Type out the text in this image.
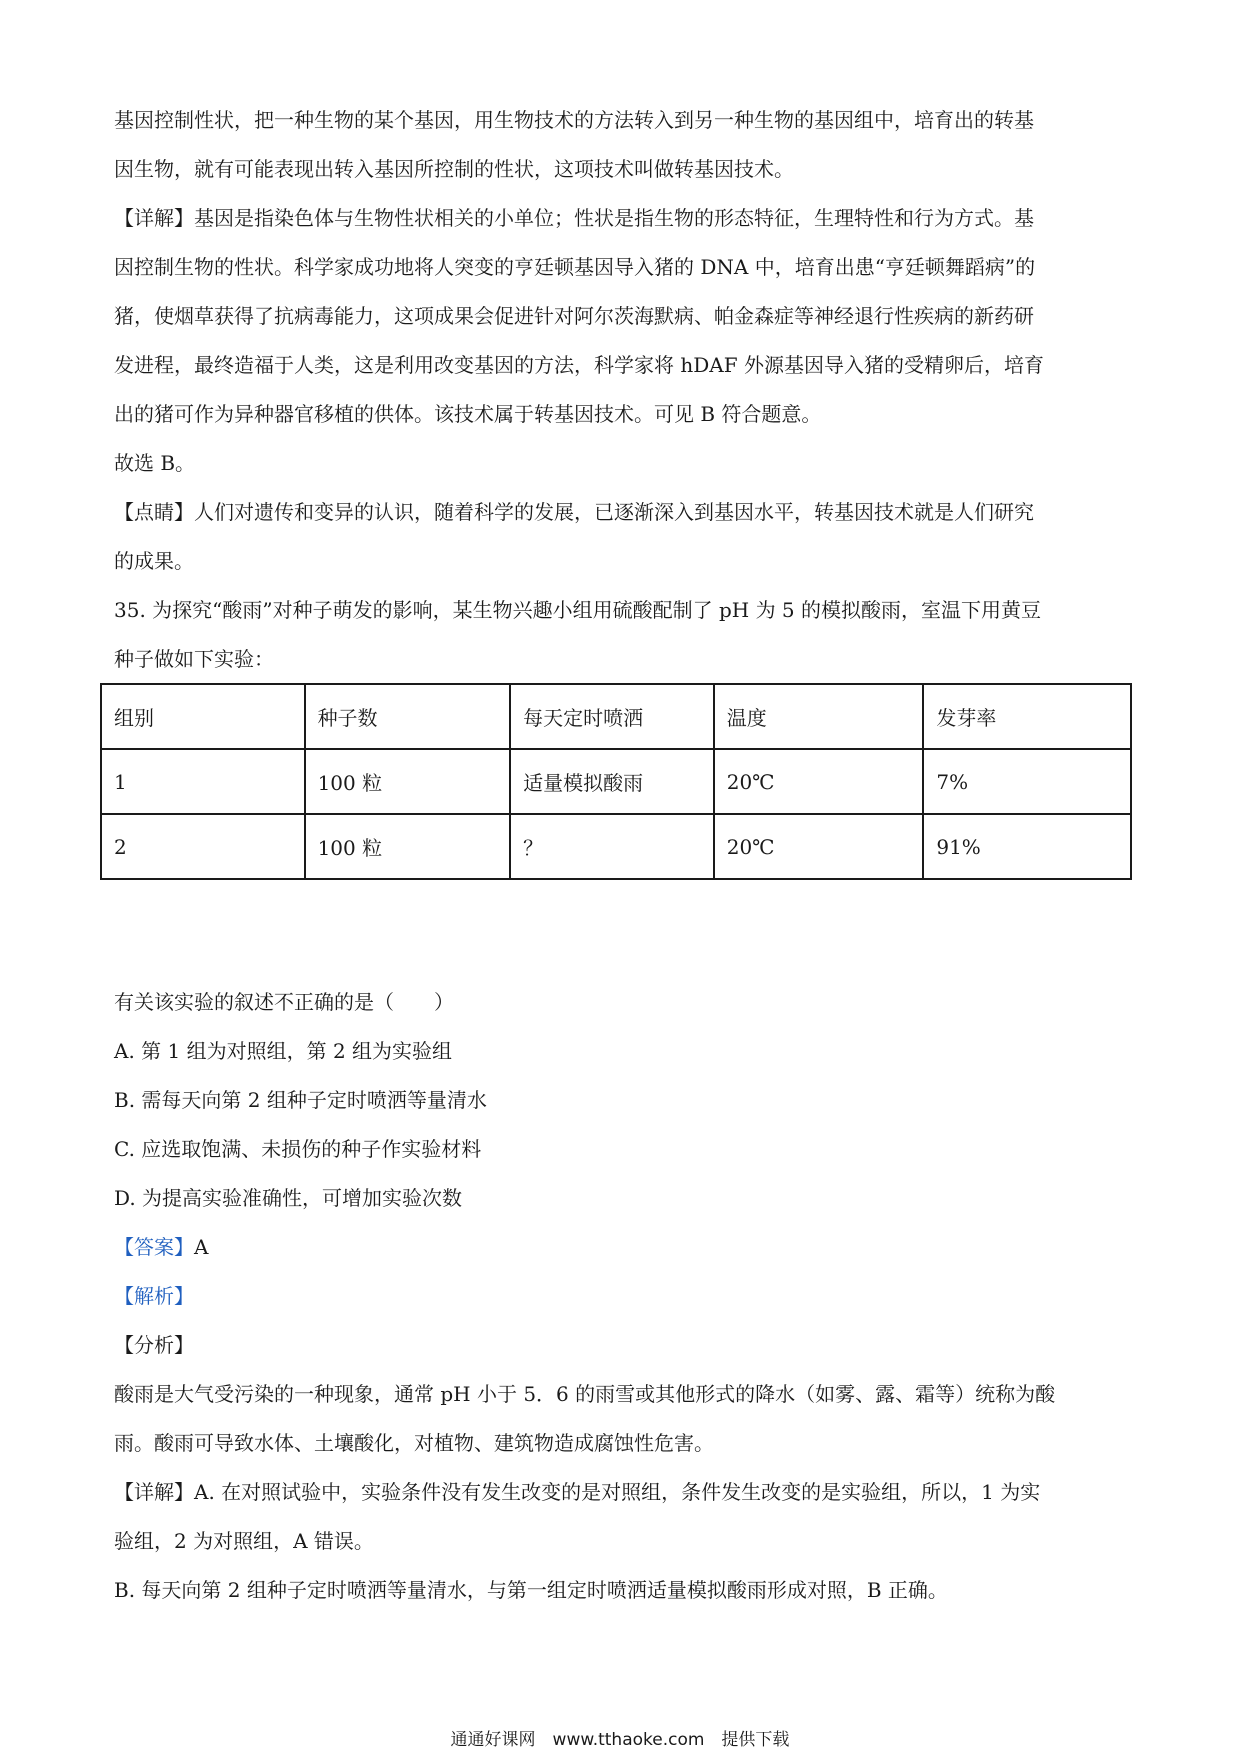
基因控制性状，把一种生物的某个基因，用生物技术的方法转入到另一种生物的基因组中，培育出的转基
因生物，就有可能表现出转入基因所控制的性状，这项技术叫做转基因技术。
【详解】基因是指染色体与生物性状相关的小单位；性状是指生物的形态特征，生理特性和行为方式。基
因控制生物的性状。科学家成功地将人突变的亨廷顿基因导入猪的 DNA 中，培育出患“亨廷顿舞蹈病”的
猪，使烟草获得了抗病毒能力，这项成果会促进针对阿尔茨海默病、帕金森症等神经退行性疾病的新药研
发进程，最终造福于人类，这是利用改变基因的方法，科学家将 hDAF 外源基因导入猪的受精卵后，培育
出的猪可作为异种器官移植的供体。该技术属于转基因技术。可见 B 符合题意。
故选 B。
【点睛】人们对遗传和变异的认识，随着科学的发展，已逐渐深入到基因水平，转基因技术就是人们研究
的成果。
35. 为探究“酸雨”对种子萌发的影响，某生物兴趣小组用硫酸配制了 pH 为 5 的模拟酸雨，室温下用黄豆
种子做如下实验：
组别	种子数	每天定时喷洒	温度	发芽率
1	100 粒	适量模拟酸雨	20℃	7%
2	100 粒	？	20℃	91%
有关该实验的叙述不正确的是（　　）
A. 第 1 组为对照组，第 2 组为实验组
B. 需每天向第 2 组种子定时喷洒等量清水
C. 应选取饱满、未损伤的种子作实验材料
D. 为提高实验准确性，可增加实验次数
【答案】A
【解析】
【分析】
酸雨是大气受污染的一种现象，通常 pH 小于 5．6 的雨雪或其他形式的降水（如雾、露、霜等）统称为酸
雨。酸雨可导致水体、土壤酸化，对植物、建筑物造成腐蚀性危害。
【详解】A. 在对照试验中，实验条件没有发生改变的是对照组，条件发生改变的是实验组，所以，1 为实
验组，2 为对照组，A 错误。
B. 每天向第 2 组种子定时喷洒等量清水，与第一组定时喷洒适量模拟酸雨形成对照，B 正确。
通通好课网　www.tthaoke.com　提供下载
